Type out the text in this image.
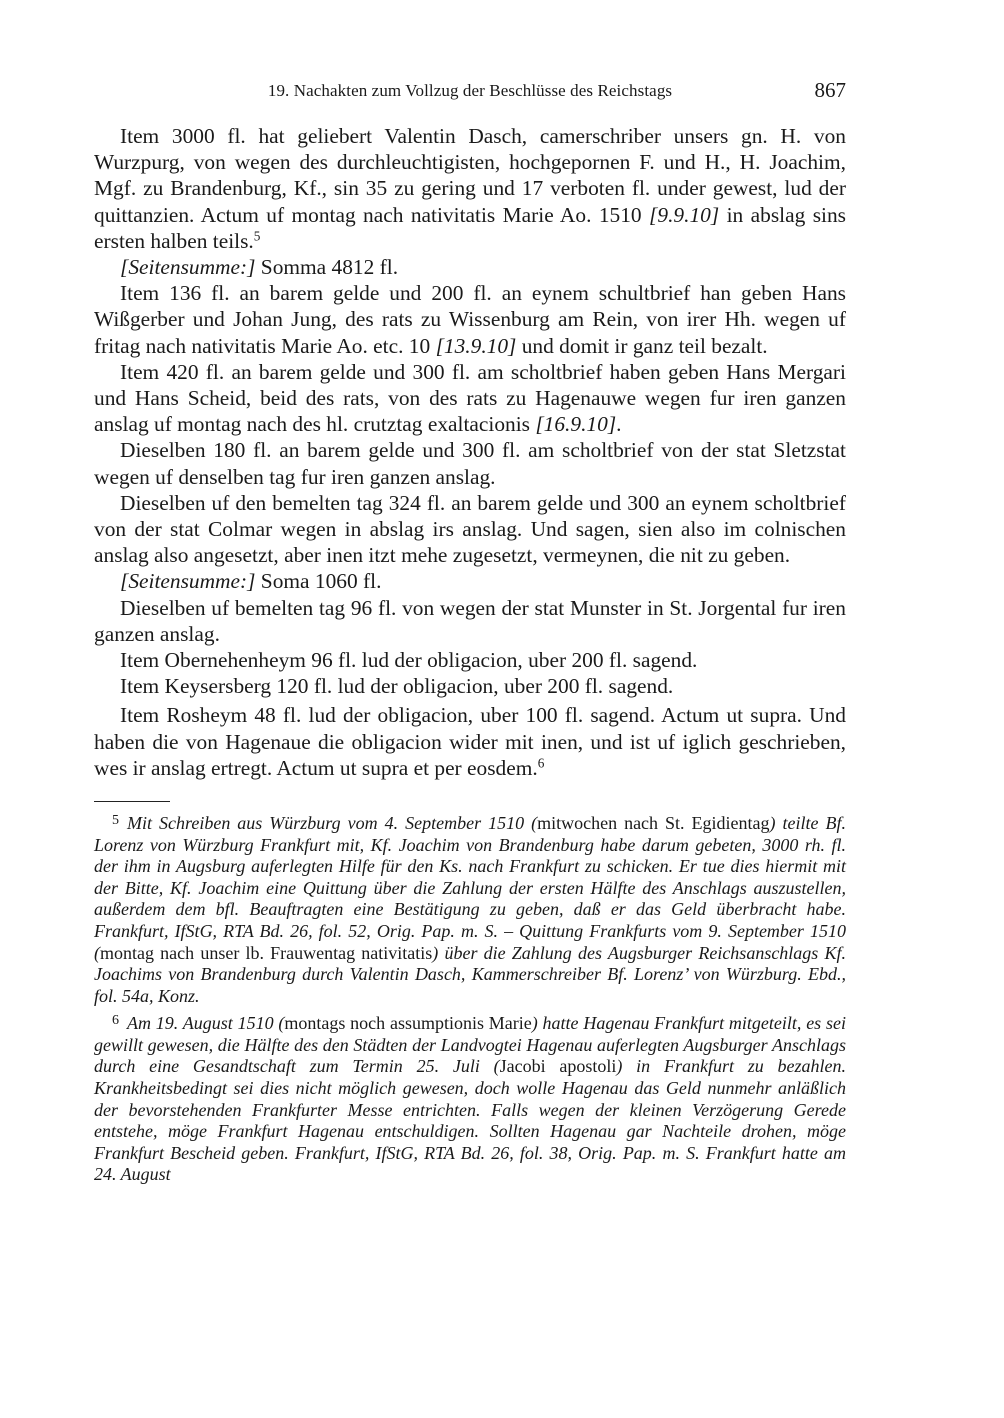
19. Nachakten zum Vollzug der Beschlüsse des Reichstags	867

Item 3000 fl. hat geliebert Valentin Dasch, camerschriber unsers gn. H. von Wurzpurg, von wegen des durchleuchtigisten, hochgepornen F. und H., H. Joachim, Mgf. zu Brandenburg, Kf., sin 35 zu gering und 17 verboten fl. under gewest, lud der quittanzien. Actum uf montag nach nativitatis Marie Ao. 1510 [9.9.10] in abslag sins ersten halben teils.$^5$

[Seitensumme:] Somma 4812 fl.

Item 136 fl. an barem gelde und 200 fl. an eynem schultbrief han geben Hans Wißgerber und Johan Jung, des rats zu Wissenburg am Rein, von irer Hh. wegen uf fritag nach nativitatis Marie Ao. etc. 10 [13.9.10] und domit ir ganz teil bezalt.

Item 420 fl. an barem gelde und 300 fl. am scholtbrief haben geben Hans Mergari und Hans Scheid, beid des rats, von des rats zu Hagenauwe wegen fur iren ganzen anslag uf montag nach des hl. crutztag exaltacionis [16.9.10].

Dieselben 180 fl. an barem gelde und 300 fl. am scholtbrief von der stat Sletzstat wegen uf denselben tag fur iren ganzen anslag.

Dieselben uf den bemelten tag 324 fl. an barem gelde und 300 an eynem scholtbrief von der stat Colmar wegen in abslag irs anslag. Und sagen, sien also im colnischen anslag also angesetzt, aber inen itzt mehe zugesetzt, vermeynen, die nit zu geben.

[Seitensumme:] Soma 1060 fl.

Dieselben uf bemelten tag 96 fl. von wegen der stat Munster in St. Jorgental fur iren ganzen anslag.

Item Obernehenheym 96 fl. lud der obligacion, uber 200 fl. sagend.

Item Keysersberg 120 fl. lud der obligacion, uber 200 fl. sagend.

Item Rosheym 48 fl. lud der obligacion, uber 100 fl. sagend. Actum ut supra. Und haben die von Hagenaue die obligacion wider mit inen, und ist uf iglich geschrieben, wes ir anslag ertregt. Actum ut supra et per eosdem.$^6$

$^5$ Mit Schreiben aus Würzburg vom 4. September 1510 (mitwochen nach St. Egidientag) teilte Bf. Lorenz von Würzburg Frankfurt mit, Kf. Joachim von Brandenburg habe darum gebeten, 3000 rh. fl. der ihm in Augsburg auferlegten Hilfe für den Ks. nach Frankfurt zu schicken. Er tue dies hiermit mit der Bitte, Kf. Joachim eine Quittung über die Zahlung der ersten Hälfte des Anschlags auszustellen, außerdem dem bfl. Beauftragten eine Bestätigung zu geben, daß er das Geld überbracht habe. Frankfurt, IfStG, RTA Bd. 26, fol. 52, Orig. Pap. m. S. – Quittung Frankfurts vom 9. September 1510 (montag nach unser lb. Frauwentag nativitatis) über die Zahlung des Augsburger Reichsanschlags Kf. Joachims von Brandenburg durch Valentin Dasch, Kammerschreiber Bf. Lorenz’ von Würzburg. Ebd., fol. 54a, Konz.

$^6$ Am 19. August 1510 (montags noch assumptionis Marie) hatte Hagenau Frankfurt mitgeteilt, es sei gewillt gewesen, die Hälfte des den Städten der Landvogtei Hagenau auferlegten Augsburger Anschlags durch eine Gesandtschaft zum Termin 25. Juli (Jacobi apostoli) in Frankfurt zu bezahlen. Krankheitsbedingt sei dies nicht möglich gewesen, doch wolle Hagenau das Geld nunmehr anläßlich der bevorstehenden Frankfurter Messe entrichten. Falls wegen der kleinen Verzögerung Gerede entstehe, möge Frankfurt Hagenau entschuldigen. Sollten Hagenau gar Nachteile drohen, möge Frankfurt Bescheid geben. Frankfurt, IfStG, RTA Bd. 26, fol. 38, Orig. Pap. m. S. Frankfurt hatte am 24. August
